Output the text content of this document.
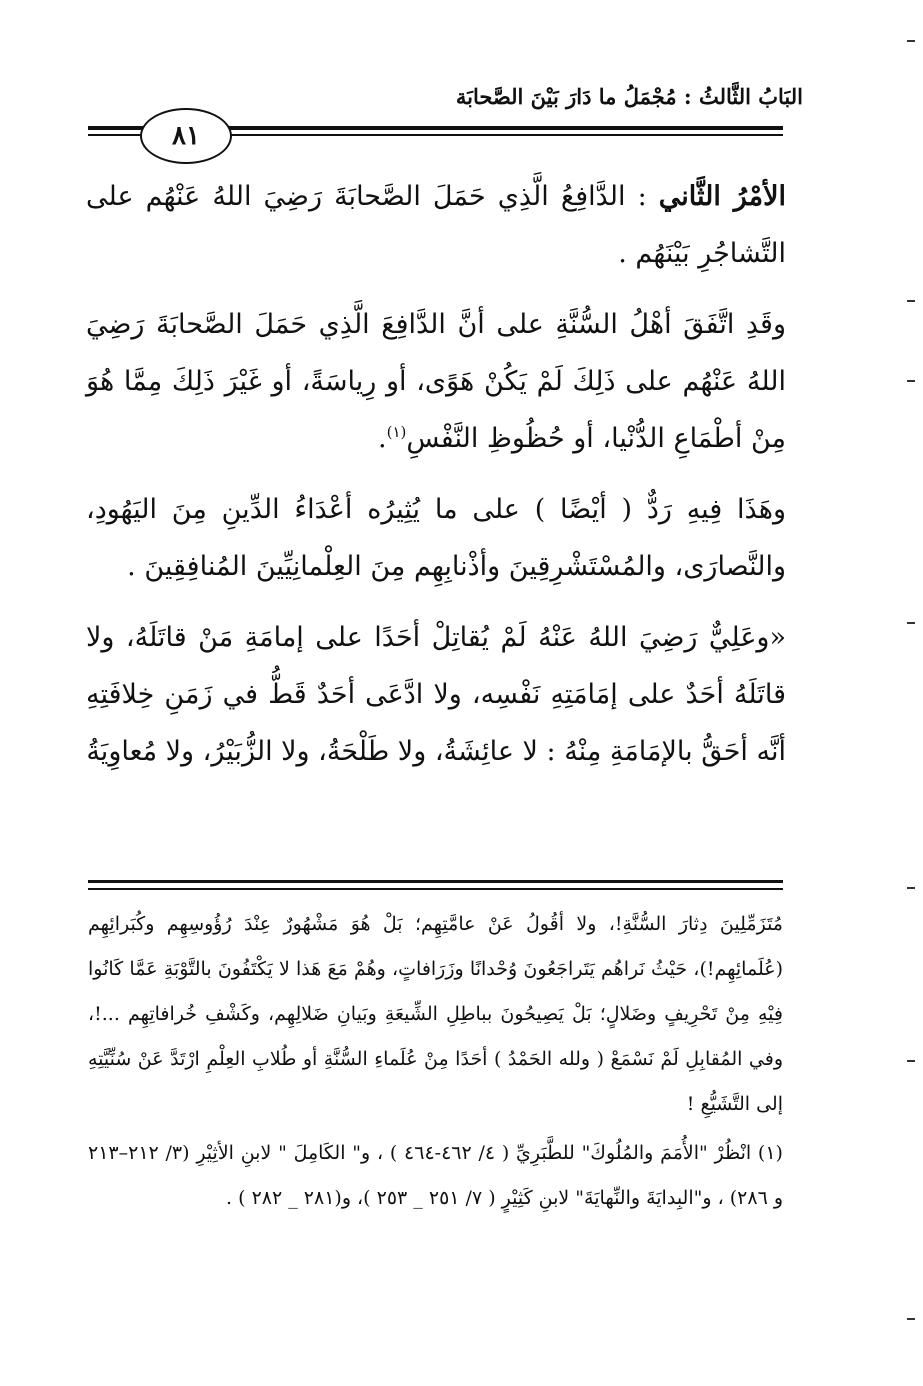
البَابُ الثَّالثُ : مُجْمَلُ ما دَارَ بَيْنَ الصَّحابَة
٨١

الأمْرُ الثَّاني : الدَّافِعُ الَّذِي حَمَلَ الصَّحابَةَ رَضِيَ اللهُ عَنْهُم على التَّشاجُرِ بَيْنَهُم .

وقَدِ اتَّفَقَ أهْلُ السُّنَّةِ على أنَّ الدَّافِعَ الَّذِي حَمَلَ الصَّحابَةَ رَضِيَ اللهُ عَنْهُم على ذَلِكَ لَمْ يَكُنْ هَوًى، أو رِياسَةً، أو غَيْرَ ذَلِكَ مِمَّا هُوَ مِنْ أطْمَاعِ الدُّنْيا، أو حُظُوظِ النَّفْسِ$^{(١)}$.

وهَذَا فِيهِ رَدٌّ ( أيْضًا ) على ما يُثِيرُه أعْدَاءُ الدِّينِ مِنَ اليَهُودِ، والنَّصارَى، والمُسْتَشْرِقِينَ وأذْنابِهِم مِنَ العِلْمانِيِّينَ المُنافِقِينَ .

«وعَلِيٌّ رَضِيَ اللهُ عَنْهُ لَمْ يُقاتِلْ أحَدًا على إمامَةِ مَنْ قاتَلَهُ، ولا قاتَلَهُ أحَدٌ على إمَامَتِهِ نَفْسِه، ولا ادَّعَى أحَدٌ قَطُّ في زَمَنِ خِلافَتِهِ أنَّه أحَقُّ بالإمَامَةِ مِنْهُ : لا عائِشَةُ، ولا طَلْحَةُ، ولا الزُّبَيْرُ، ولا مُعاوِيَةُ

مُتَزَمِّلِينَ دِثارَ السُّنَّةِ!، ولا أقُولُ عَنْ عامَّتِهِم؛ بَلْ هُوَ مَشْهُورٌ عِنْدَ رُؤُوسِهِم وكُبَرائِهِم (عُلَمائِهِم!)، حَيْثُ نَراهُم يَتَراجَعُونَ وُحْدانًا وزَرَافاتٍ، وهُمْ مَعَ هَذا لا يَكْتَفُونَ بالتَّوْبَةِ عَمَّا كَانُوا فِيْهِ مِنْ تَحْرِيفٍ وضَلالٍ؛ بَلْ يَصِيحُونَ بباطِلِ الشِّيعَةِ وبَيانِ ضَلالِهِم، وكَشْفِ خُرافاتِهِم ...!، وفي المُقابِلِ لَمْ نَسْمَعْ ( ولله الحَمْدُ ) أحَدًا مِنْ عُلَماءِ السُّنَّةِ أو طُلابِ العِلْمِ ارْتَدَّ عَنْ سُنِّيَّتِهِ إلى التَّشَيُّعِ !

(١) انْظُرْ "الأُمَمَ والمُلُوكَ" للطَّبَرِيِّ ( ٤/ ٤٦٢-٤٦٤ ) ، و" الكَامِلَ " لابنِ الأثِيْرِ (٣/ ٢١٢–٢١٣ و ٢٨٦) ، و"البِدايَةَ والنِّهايَةَ" لابنِ كَثِيْرٍ ( ٧/ ٢٥١ _ ٢٥٣ )، و(٢٨١ _ ٢٨٢ ) .
